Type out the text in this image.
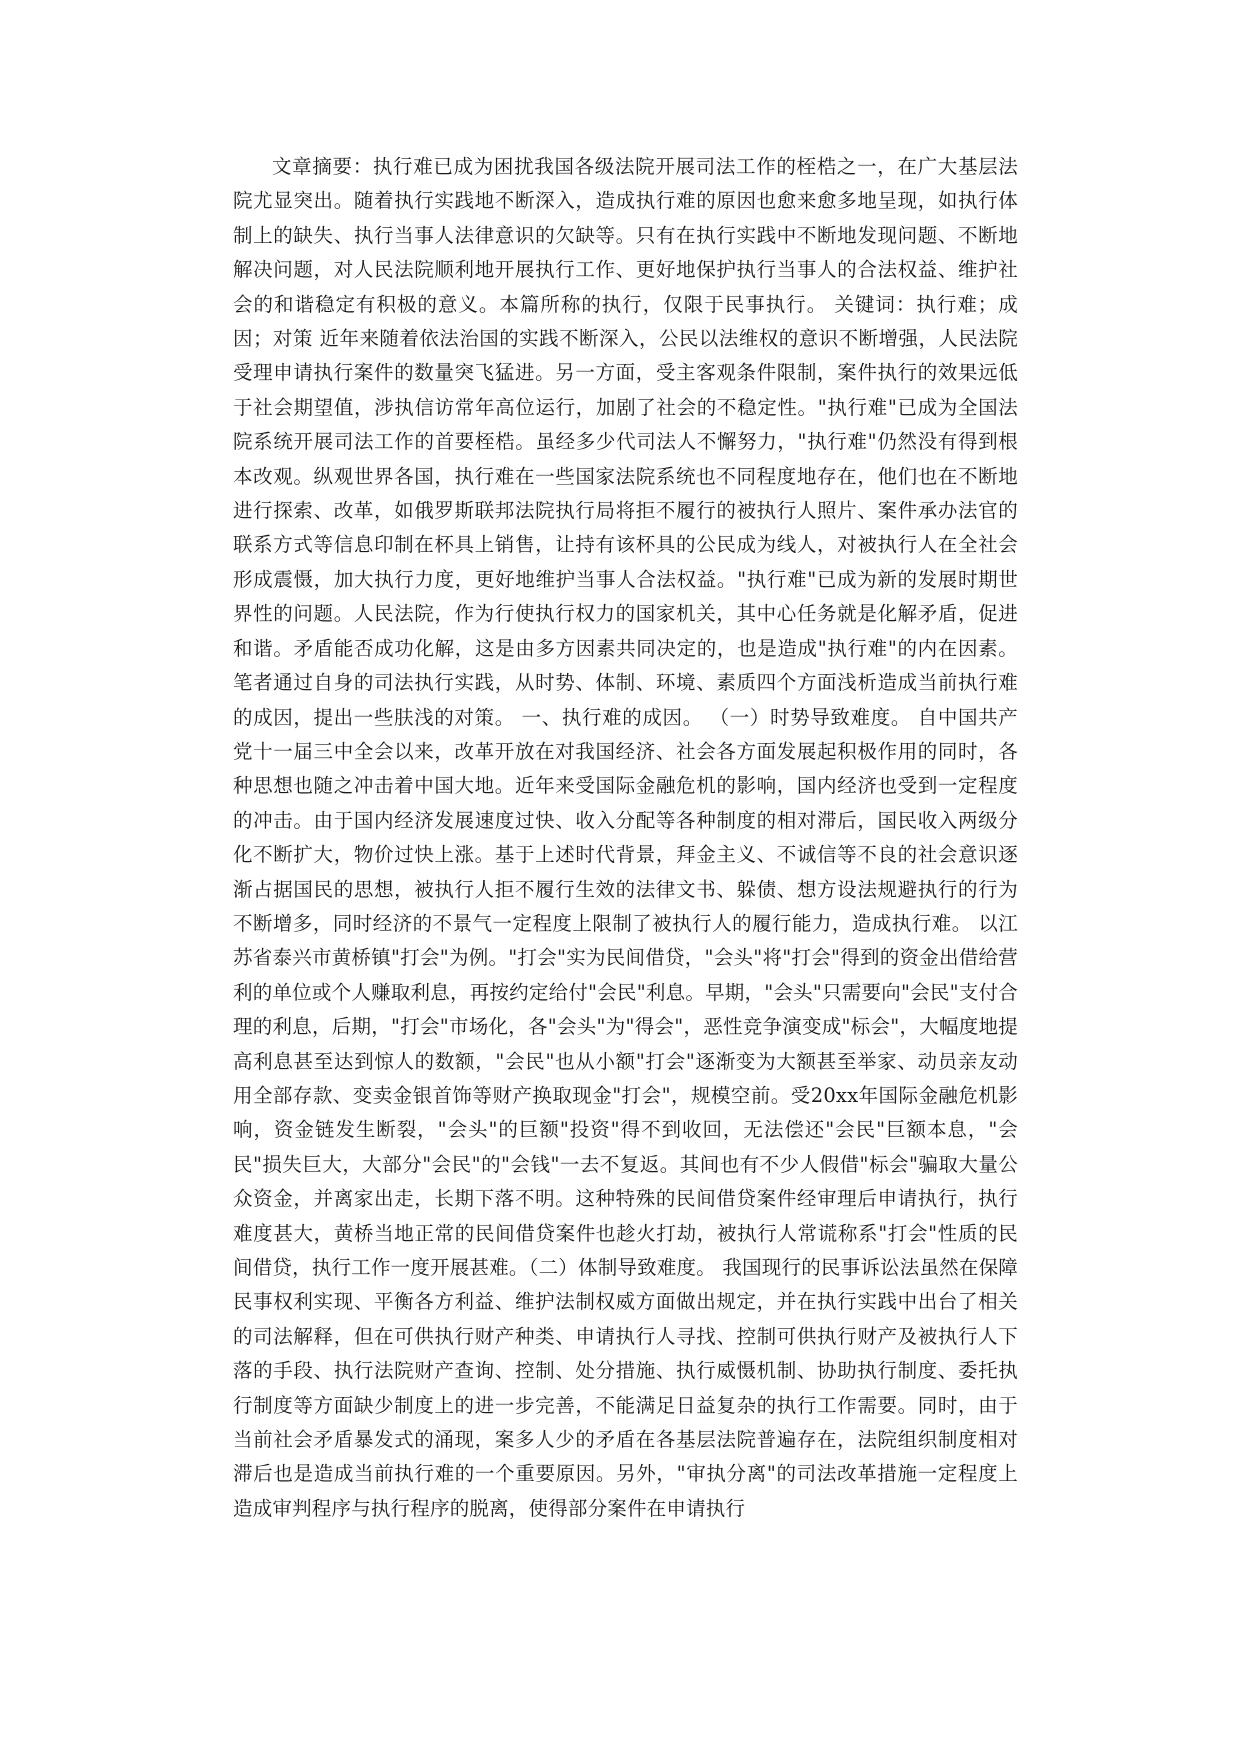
文章摘要：执行难已成为困扰我国各级法院开展司法工作的桎梏之一，在广大基层法院尤显突出。随着执行实践地不断深入，造成执行难的原因也愈来愈多地呈现，如执行体制上的缺失、执行当事人法律意识的欠缺等。只有在执行实践中不断地发现问题、不断地解决问题，对人民法院顺利地开展执行工作、更好地保护执行当事人的合法权益、维护社会的和谐稳定有积极的意义。本篇所称的执行，仅限于民事执行。 关键词：执行难；成因；对策 近年来随着依法治国的实践不断深入，公民以法维权的意识不断增强，人民法院受理申请执行案件的数量突飞猛进。另一方面，受主客观条件限制，案件执行的效果远低于社会期望值，涉执信访常年高位运行，加剧了社会的不稳定性。"执行难"已成为全国法院系统开展司法工作的首要桎梏。虽经多少代司法人不懈努力，"执行难"仍然没有得到根本改观。纵观世界各国，执行难在一些国家法院系统也不同程度地存在，他们也在不断地进行探索、改革，如俄罗斯联邦法院执行局将拒不履行的被执行人照片、案件承办法官的联系方式等信息印制在杯具上销售，让持有该杯具的公民成为线人，对被执行人在全社会形成震慑，加大执行力度，更好地维护当事人合法权益。"执行难"已成为新的发展时期世界性的问题。人民法院，作为行使执行权力的国家机关，其中心任务就是化解矛盾，促进和谐。矛盾能否成功化解，这是由多方因素共同决定的，也是造成"执行难"的内在因素。笔者通过自身的司法执行实践，从时势、体制、环境、素质四个方面浅析造成当前执行难的成因，提出一些肤浅的对策。 一、执行难的成因。 （一）时势导致难度。 自中国共产党十一届三中全会以来，改革开放在对我国经济、社会各方面发展起积极作用的同时，各种思想也随之冲击着中国大地。近年来受国际金融危机的影响，国内经济也受到一定程度的冲击。由于国内经济发展速度过快、收入分配等各种制度的相对滞后，国民收入两级分化不断扩大，物价过快上涨。基于上述时代背景，拜金主义、不诚信等不良的社会意识逐渐占据国民的思想，被执行人拒不履行生效的法律文书、躲债、想方设法规避执行的行为不断增多，同时经济的不景气一定程度上限制了被执行人的履行能力，造成执行难。 以江苏省泰兴市黄桥镇"打会"为例。"打会"实为民间借贷，"会头"将"打会"得到的资金出借给营利的单位或个人赚取利息，再按约定给付"会民"利息。早期，"会头"只需要向"会民"支付合理的利息，后期，"打会"市场化，各"会头"为"得会"，恶性竞争演变成"标会"，大幅度地提高利息甚至达到惊人的数额，"会民"也从小额"打会"逐渐变为大额甚至举家、动员亲友动用全部存款、变卖金银首饰等财产换取现金"打会"，规模空前。受20xx年国际金融危机影响，资金链发生断裂，"会头"的巨额"投资"得不到收回，无法偿还"会民"巨额本息，"会民"损失巨大，大部分"会民"的"会钱"一去不复返。其间也有不少人假借"标会"骗取大量公众资金，并离家出走，长期下落不明。这种特殊的民间借贷案件经审理后申请执行，执行难度甚大，黄桥当地正常的民间借贷案件也趁火打劫，被执行人常谎称系"打会"性质的民间借贷，执行工作一度开展甚难。（二）体制导致难度。 我国现行的民事诉讼法虽然在保障民事权利实现、平衡各方利益、维护法制权威方面做出规定，并在执行实践中出台了相关的司法解释，但在可供执行财产种类、申请执行人寻找、控制可供执行财产及被执行人下落的手段、执行法院财产查询、控制、处分措施、执行威慑机制、协助执行制度、委托执行制度等方面缺少制度上的进一步完善，不能满足日益复杂的执行工作需要。同时，由于当前社会矛盾暴发式的涌现，案多人少的矛盾在各基层法院普遍存在，法院组织制度相对滞后也是造成当前执行难的一个重要原因。另外，"审执分离"的司法改革措施一定程度上造成审判程序与执行程序的脱离，使得部分案件在申请执行
